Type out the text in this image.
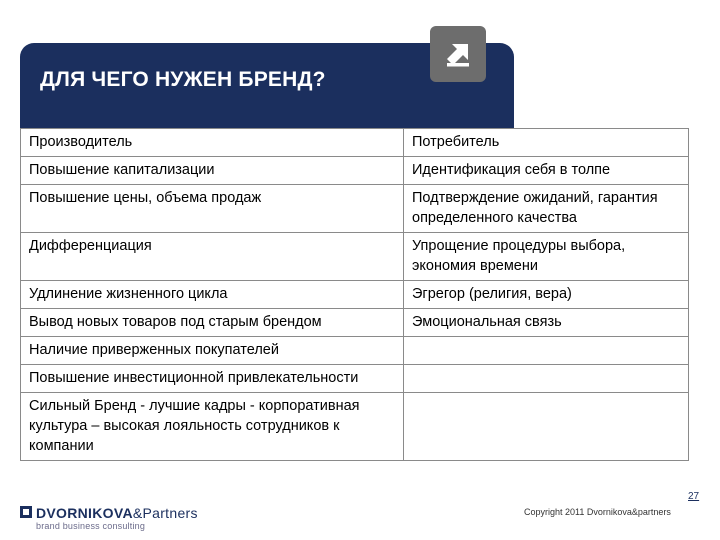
ДЛЯ ЧЕГО НУЖЕН БРЕНД?
Производитель	Потребитель
Повышение капитализации	Идентификация себя в толпе
Повышение цены, объема продаж	Подтверждение ожиданий, гарантия определенного качества
Дифференциация	Упрощение процедуры выбора, экономия времени
Удлинение жизненного цикла	Эгрегор (религия, вера)
Вывод новых товаров под старым брендом	Эмоциональная связь
Наличие приверженных покупателей	
Повышение инвестиционной привлекательности	
Сильный Бренд - лучшие кадры - корпоративная культура – высокая лояльность сотрудников к компании	
DVORNIKOVA&Partners
brand business consulting
27
Copyright 2011 Dvornikova&partners
